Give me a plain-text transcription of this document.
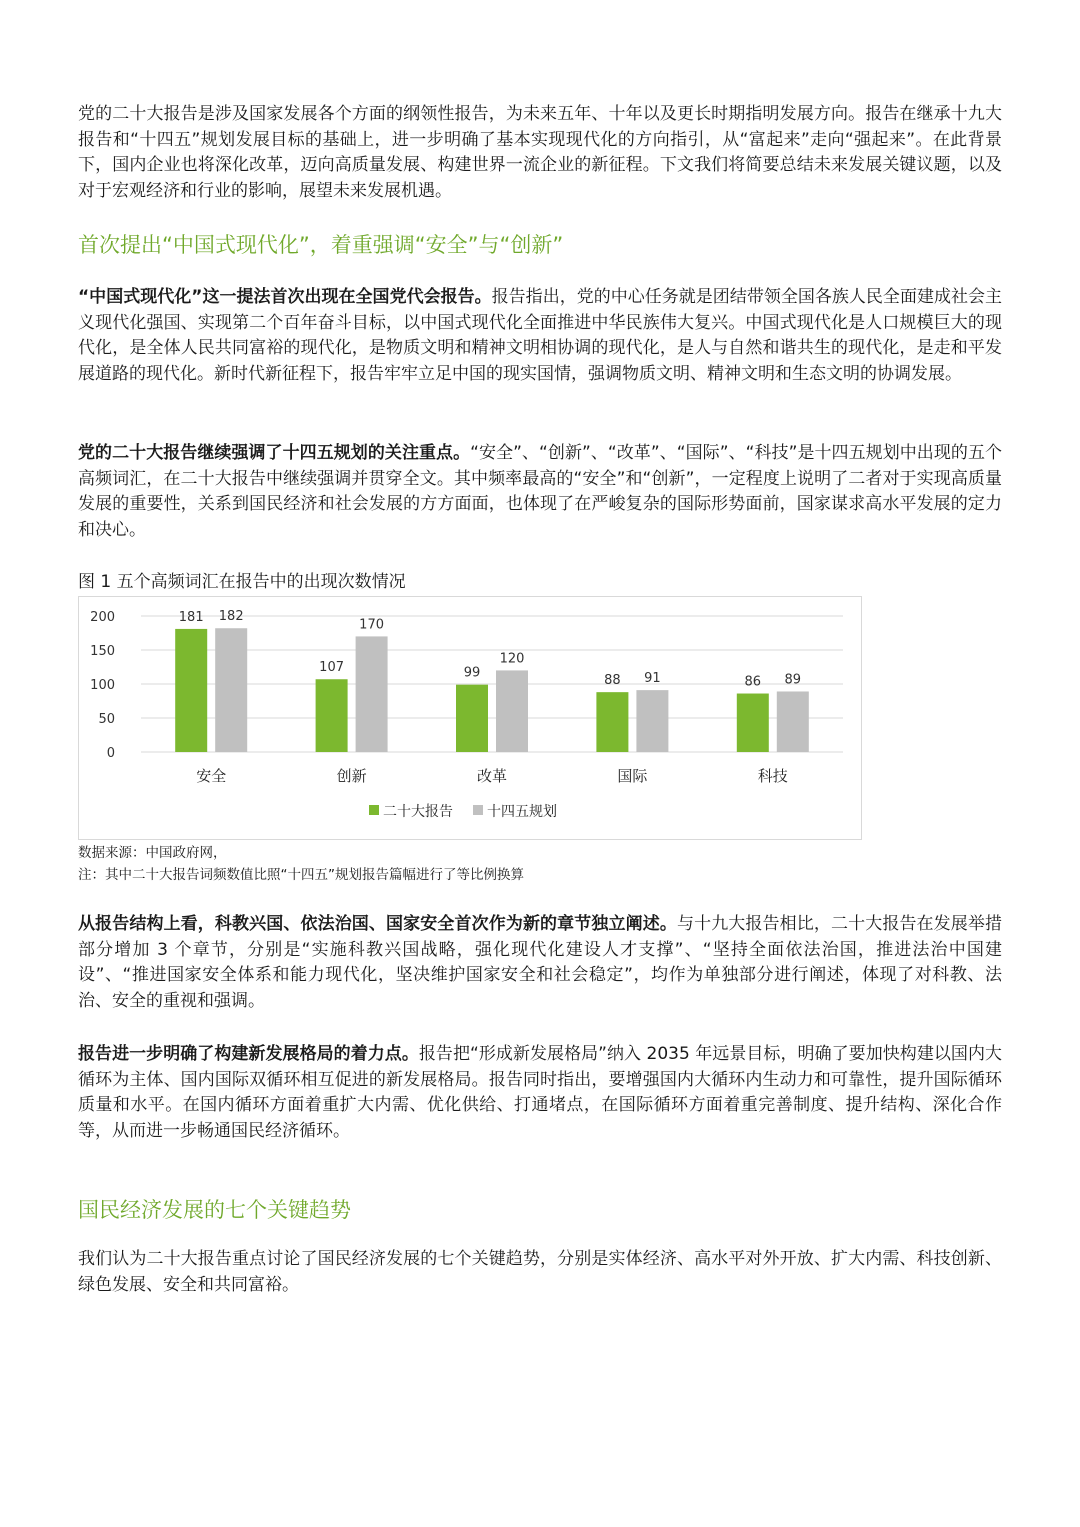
党的二十大报告是涉及国家发展各个方面的纲领性报告，为未来五年、十年以及更长时期指明发展方向。报告在继承十九大报告和“十四五”规划发展目标的基础上，进一步明确了基本实现现代化的方向指引，从“富起来”走向“强起来”。在此背景下，国内企业也将深化改革，迈向高质量发展、构建世界一流企业的新征程。下文我们将简要总结未来发展关键议题，以及对于宏观经济和行业的影响，展望未来发展机遇。

首次提出“中国式现代化”，着重强调“安全”与“创新”

“中国式现代化”这一提法首次出现在全国党代会报告。报告指出，党的中心任务就是团结带领全国各族人民全面建成社会主义现代化强国、实现第二个百年奋斗目标，以中国式现代化全面推进中华民族伟大复兴。中国式现代化是人口规模巨大的现代化，是全体人民共同富裕的现代化，是物质文明和精神文明相协调的现代化，是人与自然和谐共生的现代化，是走和平发展道路的现代化。新时代新征程下，报告牢牢立足中国的现实国情，强调物质文明、精神文明和生态文明的协调发展。

党的二十大报告继续强调了十四五规划的关注重点。“安全”、“创新”、“改革”、“国际”、“科技”是十四五规划中出现的五个高频词汇，在二十大报告中继续强调并贯穿全文。其中频率最高的“安全”和“创新”，一定程度上说明了二者对于实现高质量发展的重要性，关系到国民经济和社会发展的方方面面，也体现了在严峻复杂的国际形势面前，国家谋求高水平发展的定力和决心。

图 1 五个高频词汇在报告中的出现次数情况

0
50
100
150
200	181 182
安全
107
170
创新
99
120
改革
88 91
国际
86 89
科技
二十大报告 十四五规划

数据来源：中国政府网，

注：其中二十大报告词频数值比照“十四五”规划报告篇幅进行了等比例换算

从报告结构上看，科教兴国、依法治国、国家安全首次作为新的章节独立阐述。与十九大报告相比，二十大报告在发展举措部分增加 3 个章节，分别是“实施科教兴国战略，强化现代化建设人才支撑”、“坚持全面依法治国，推进法治中国建设”、“推进国家安全体系和能力现代化，坚决维护国家安全和社会稳定”，均作为单独部分进行阐述，体现了对科教、法治、安全的重视和强调。

报告进一步明确了构建新发展格局的着力点。报告把“形成新发展格局”纳入 2035 年远景目标，明确了要加快构建以国内大循环为主体、国内国际双循环相互促进的新发展格局。报告同时指出，要增强国内大循环内生动力和可靠性，提升国际循环质量和水平。在国内循环方面着重扩大内需、优化供给、打通堵点，在国际循环方面着重完善制度、提升结构、深化合作等，从而进一步畅通国民经济循环。

国民经济发展的七个关键趋势

我们认为二十大报告重点讨论了国民经济发展的七个关键趋势，分别是实体经济、高水平对外开放、扩大内需、科技创新、绿色发展、安全和共同富裕。
